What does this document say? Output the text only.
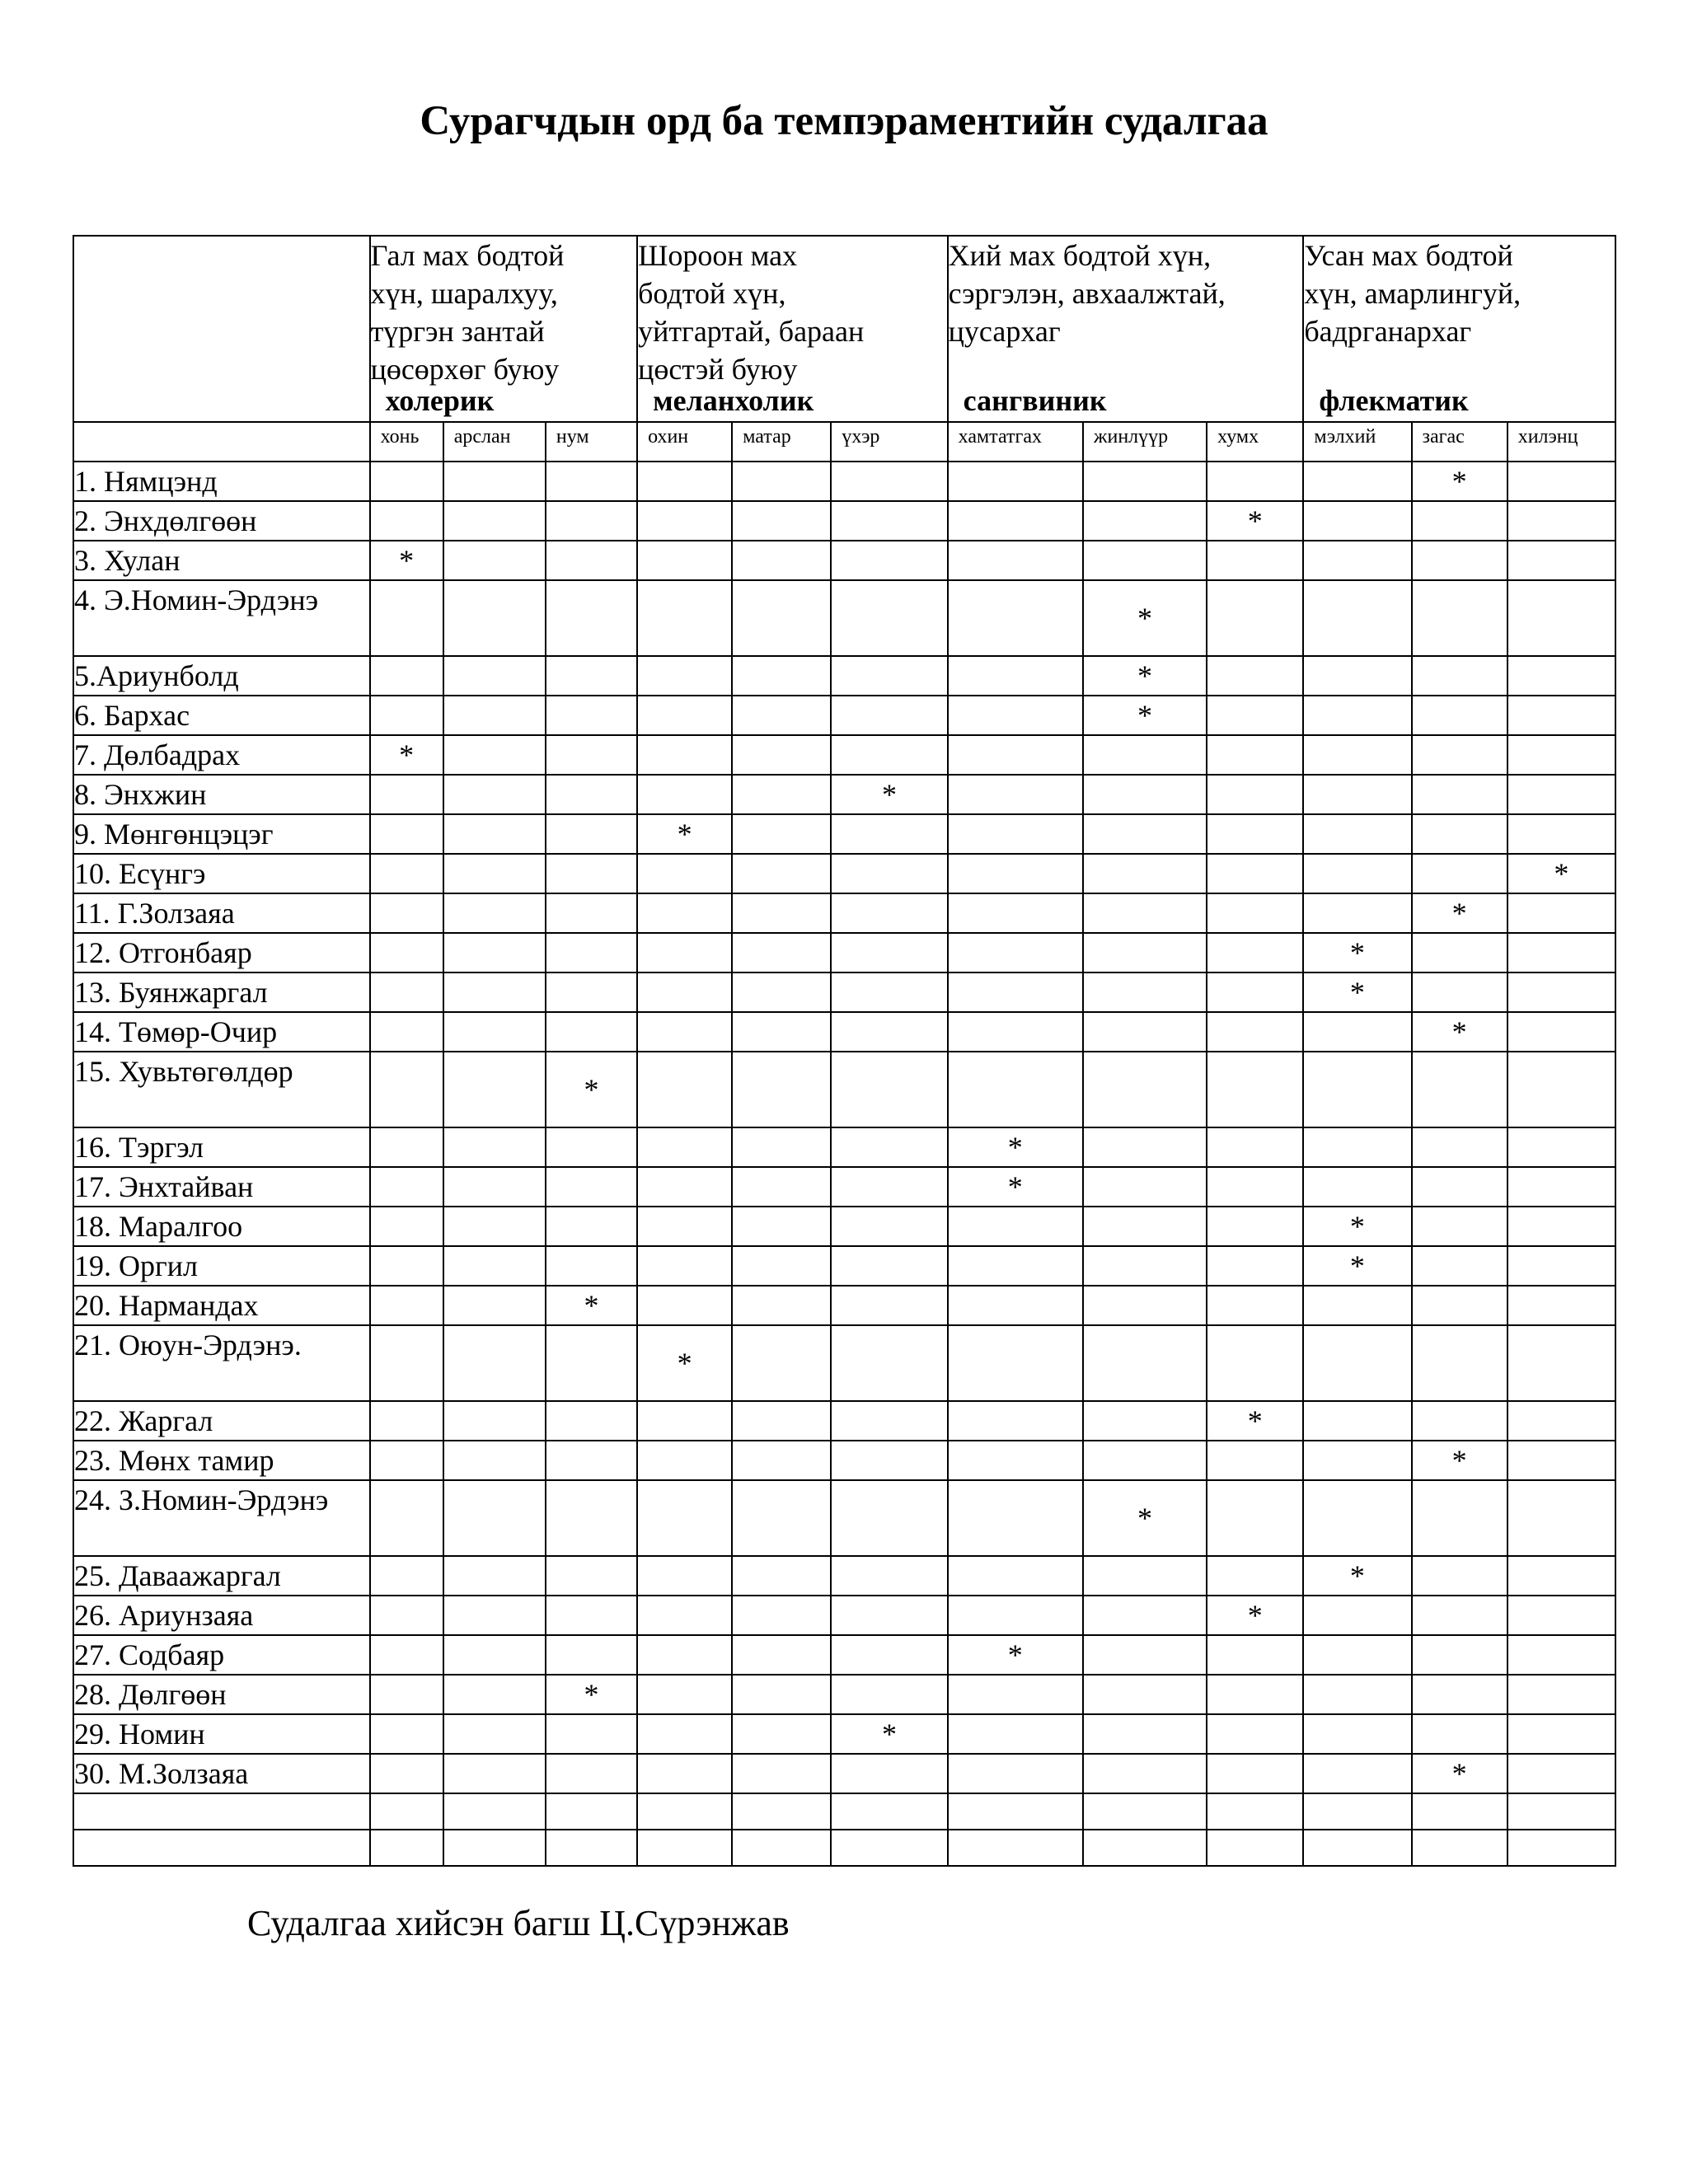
Сурагчдын орд ба темпэраментийн судалгаа

	Гал мах бодтой
хүн, шаралхуу,
түргэн зантай
цөсөрхөг буюу
холерик			Шороон мах
бодтой хүн,
уйтгартай, бараан
цөстэй буюу
меланхолик			Хий мах бодтой хүн,
сэргэлэн, авхаалжтай,
цусархаг
сангвиник			Усан мах бодтой
хүн, амарлингуй,
бадрганархаг
флекматик		

	хонь	арслан	нум	охин	матар	үхэр	хамтатгах	жинлүүр	хумх	мэлхий	загас	хилэнц
1. Нямцэнд											*	
2. Энхдөлгөөн									*			
3. Хулан	*											
4. Э.Номин-Эрдэнэ								*				
5.Ариунболд								*				
6. Бархас								*				
7. Дөлбадрах	*											
8. Энхжин						*						
9. Мөнгөнцэцэг				*								
10. Есүнгэ												*
11. Г.Золзаяа											*	
12. Отгонбаяр										*		
13. Буянжаргал										*		
14. Төмөр-Очир											*	
15. Хувьтөгөлдөр			*									
16. Тэргэл							*					
17. Энхтайван							*					
18. Маралгоо										*		
19. Оргил										*		
20. Нармандах			*									
21. Оюун-Эрдэнэ.				*								
22. Жаргал									*			
23. Мөнх тамир											*	
24. З.Номин-Эрдэнэ								*				
25. Даваажаргал										*		
26. Ариунзаяа									*			
27. Содбаяр							*					
28. Дөлгөөн			*									
29. Номин						*						
30. М.Золзаяа											*	

Судалгаа хийсэн багш Ц.Сүрэнжав
